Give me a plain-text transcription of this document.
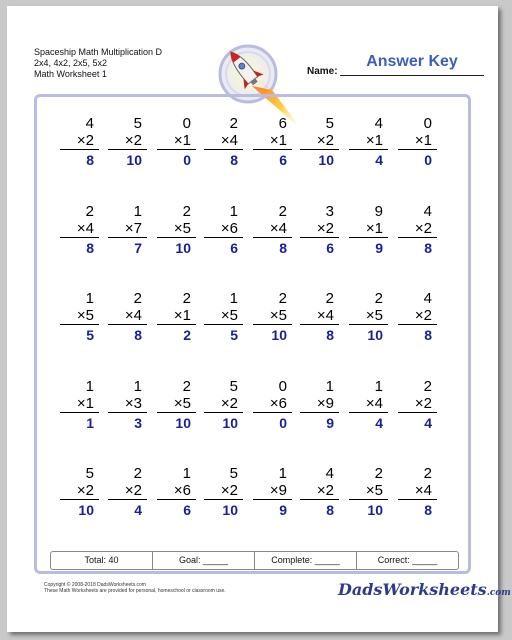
Spaceship Math Multiplication D
2x4, 4x2, 2x5, 5x2
Math Worksheet 1	Name:
Answer Key
4
×2
8
5
×2
10
0
×1
0
2
×4
8
6
×1
6
5
×2
10
4
×1
4
0
×1
0
2
×4
8
1
×7
7
2
×5
10
1
×6
6
2
×4
8
3
×2
6
9
×1
9
4
×2
8
1
×5
5
2
×4
8
2
×1
2
1
×5
5
2
×5
10
2
×4
8
2
×5
10
4
×2
8
1
×1
1
1
×3
3
2
×5
10
5
×2
10
0
×6
0
1
×9
9
1
×4
4
2
×2
4
5
×2
10
2
×2
4
1
×6
6
5
×2
10
1
×9
9
4
×2
8
2
×5
10
2
×4
8
Total: 40	Goal: _____	Complete: _____	Correct: _____
Copyright © 2008-2018 DadsWorksheets.com
These Math Worksheets are provided for personal, homeschool or classroom use.	DadsWorksheets.com
